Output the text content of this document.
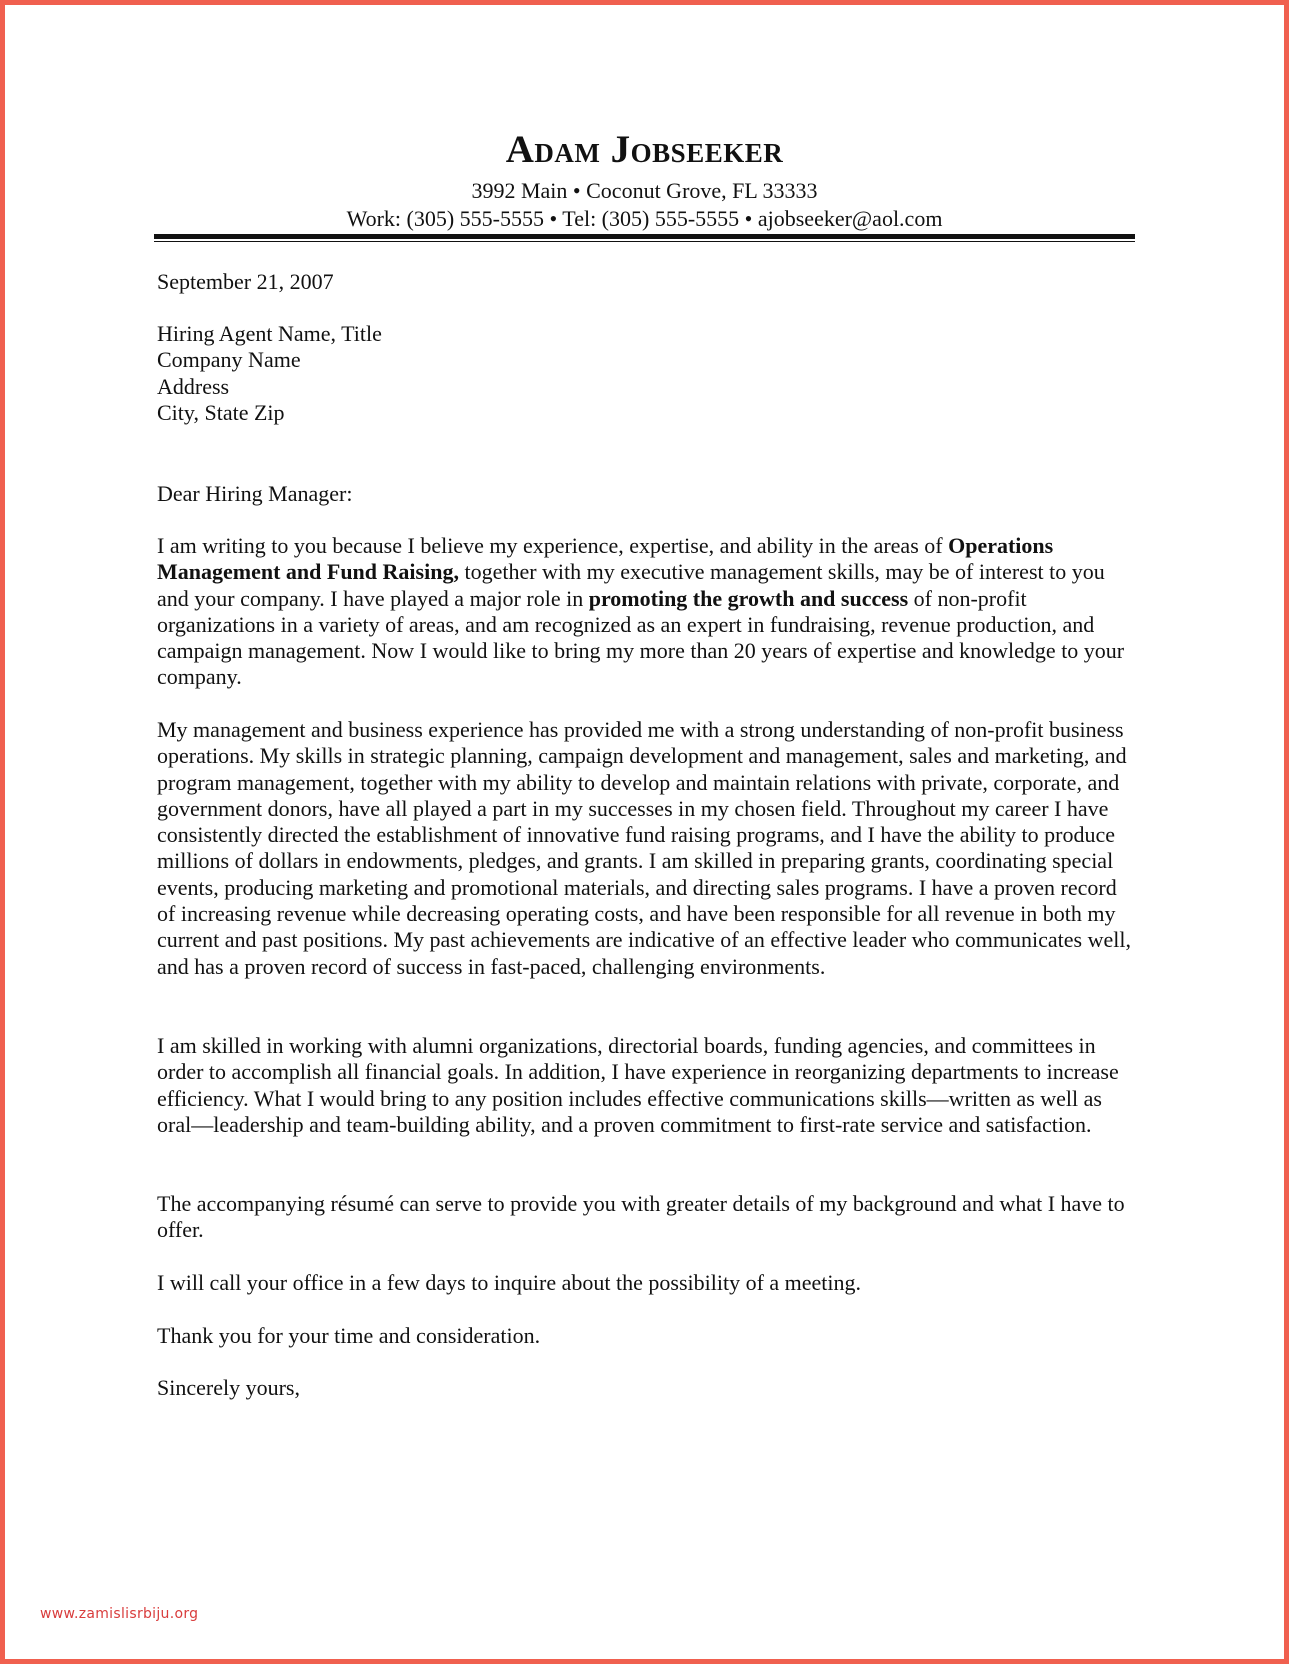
Adam Jobseeker
3992 Main • Coconut Grove, FL 33333
Work: (305) 555-5555 • Tel: (305) 555-5555 • ajobseeker@aol.com
September 21, 2007
Hiring Agent Name, Title
Company Name
Address
City, State Zip
Dear Hiring Manager:

I am writing to you because I believe my experience, expertise, and ability in the areas of Operations Management and Fund Raising, together with my executive management skills, may be of interest to you and your company. I have played a major role in promoting the growth and success of non-profit organizations in a variety of areas, and am recognized as an expert in fundraising, revenue production, and campaign management. Now I would like to bring my more than 20 years of expertise and knowledge to your company.

My management and business experience has provided me with a strong understanding of non-profit business operations. My skills in strategic planning, campaign development and management, sales and marketing, and program management, together with my ability to develop and maintain relations with private, corporate, and government donors, have all played a part in my successes in my chosen field. Throughout my career I have consistently directed the establishment of innovative fund raising programs, and I have the ability to produce millions of dollars in endowments, pledges, and grants. I am skilled in preparing grants, coordinating special events, producing marketing and promotional materials, and directing sales programs. I have a proven record of increasing revenue while decreasing operating costs, and have been responsible for all revenue in both my current and past positions. My past achievements are indicative of an effective leader who communicates well, and has a proven record of success in fast-paced, challenging environments.

I am skilled in working with alumni organizations, directorial boards, funding agencies, and committees in order to accomplish all financial goals. In addition, I have experience in reorganizing departments to increase efficiency. What I would bring to any position includes effective communications skills—written as well as oral—leadership and team-building ability, and a proven commitment to first-rate service and satisfaction.

The accompanying résumé can serve to provide you with greater details of my background and what I have to offer.

I will call your office in a few days to inquire about the possibility of a meeting.

Thank you for your time and consideration.

Sincerely yours,
www.zamislisrbiju.org
